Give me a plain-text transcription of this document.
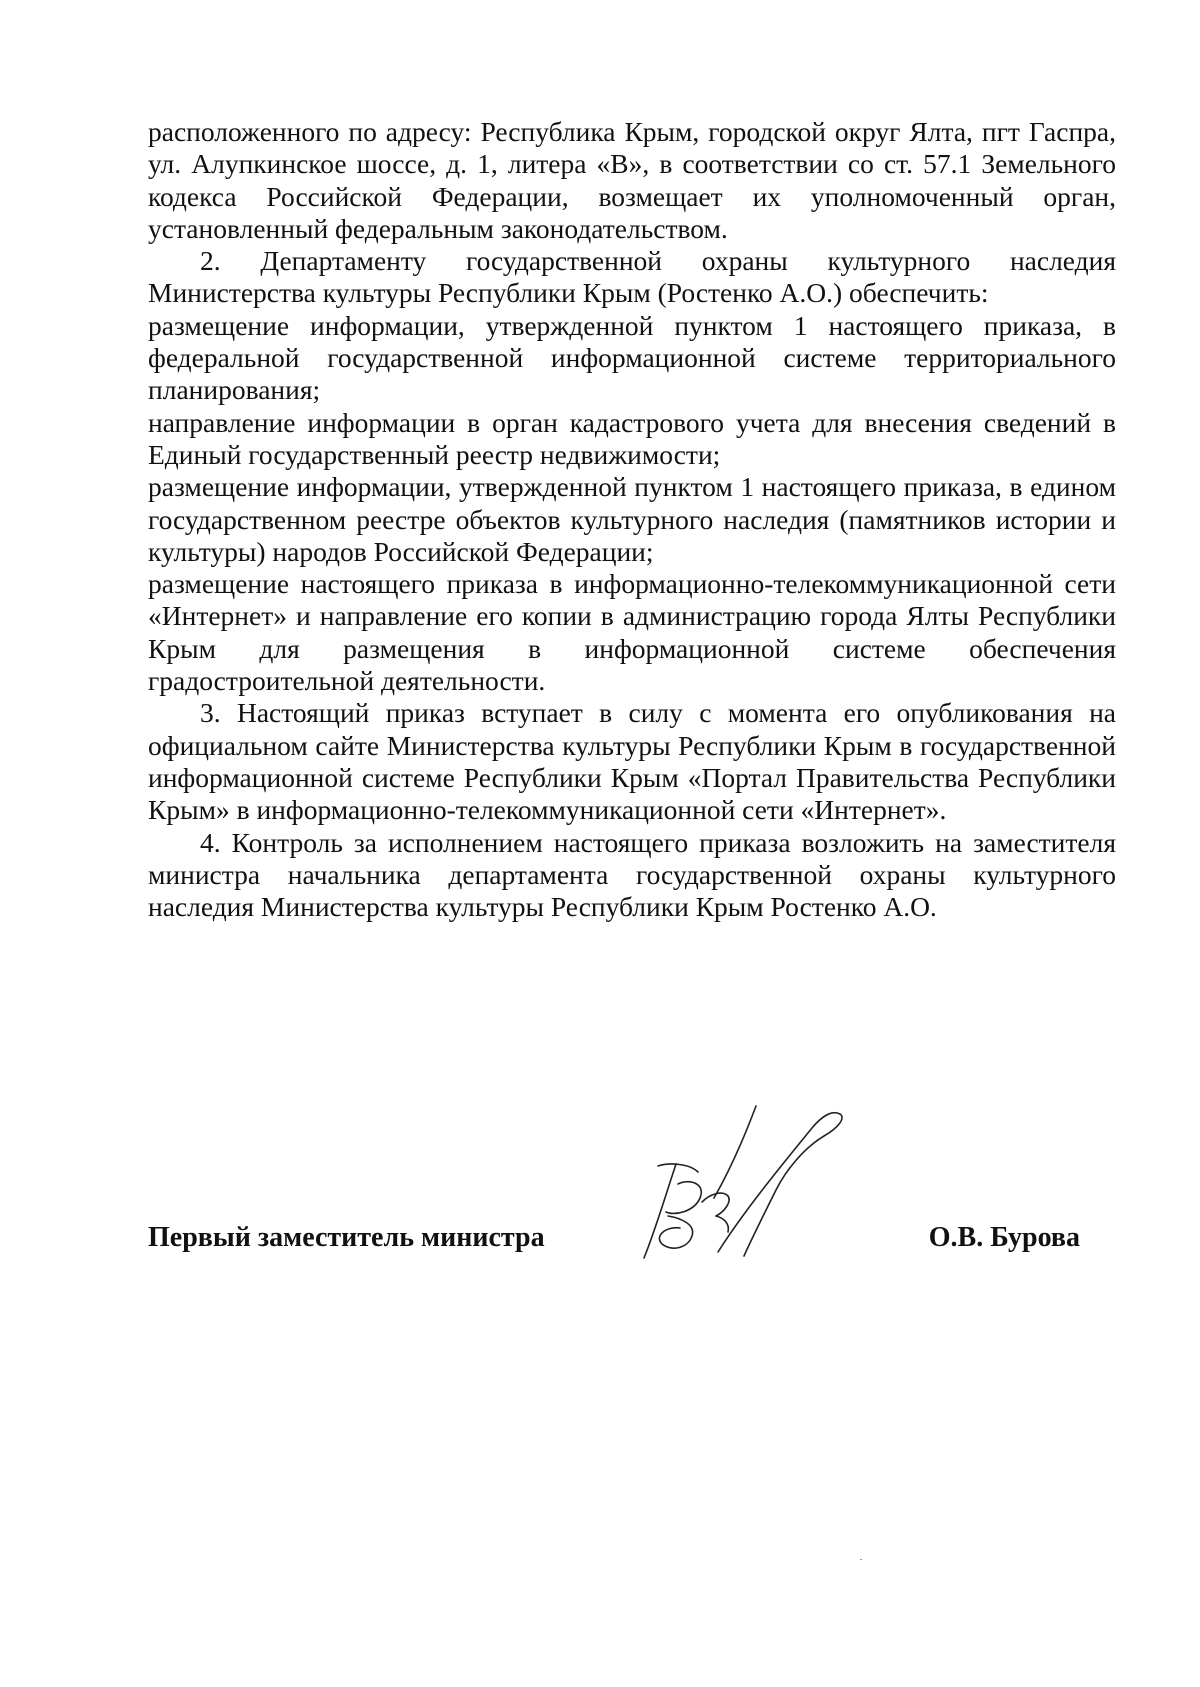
расположенного по адресу: Республика Крым, городской округ Ялта, пгт Гаспра, ул. Алупкинское шоссе, д. 1, литера «В», в соответствии со ст. 57.1 Земельного кодекса Российской Федерации, возмещает их уполномоченный орган, установленный федеральным законодательством.

2. Департаменту государственной охраны культурного наследия Министерства культуры Республики Крым (Ростенко А.О.) обеспечить:

размещение информации, утвержденной пунктом 1 настоящего приказа, в федеральной государственной информационной системе территориального планирования;

направление информации в орган кадастрового учета для внесения сведений в Единый государственный реестр недвижимости;

размещение информации, утвержденной пунктом 1 настоящего приказа, в едином государственном реестре объектов культурного наследия (памятников истории и культуры) народов Российской Федерации;

размещение настоящего приказа в информационно-телекоммуникационной сети «Интернет» и направление его копии в администрацию города Ялты Республики Крым для размещения в информационной системе обеспечения градостроительной деятельности.

3. Настоящий приказ вступает в силу с момента его опубликования на официальном сайте Министерства культуры Республики Крым в государственной информационной системе Республики Крым «Портал Правительства Республики Крым» в информационно-телекоммуникационной сети «Интернет».

4. Контроль за исполнением настоящего приказа возложить на заместителя министра начальника департамента государственной охраны культурного наследия Министерства культуры Республики Крым Ростенко А.О.

Первый заместитель министра	О.В. Бурова
